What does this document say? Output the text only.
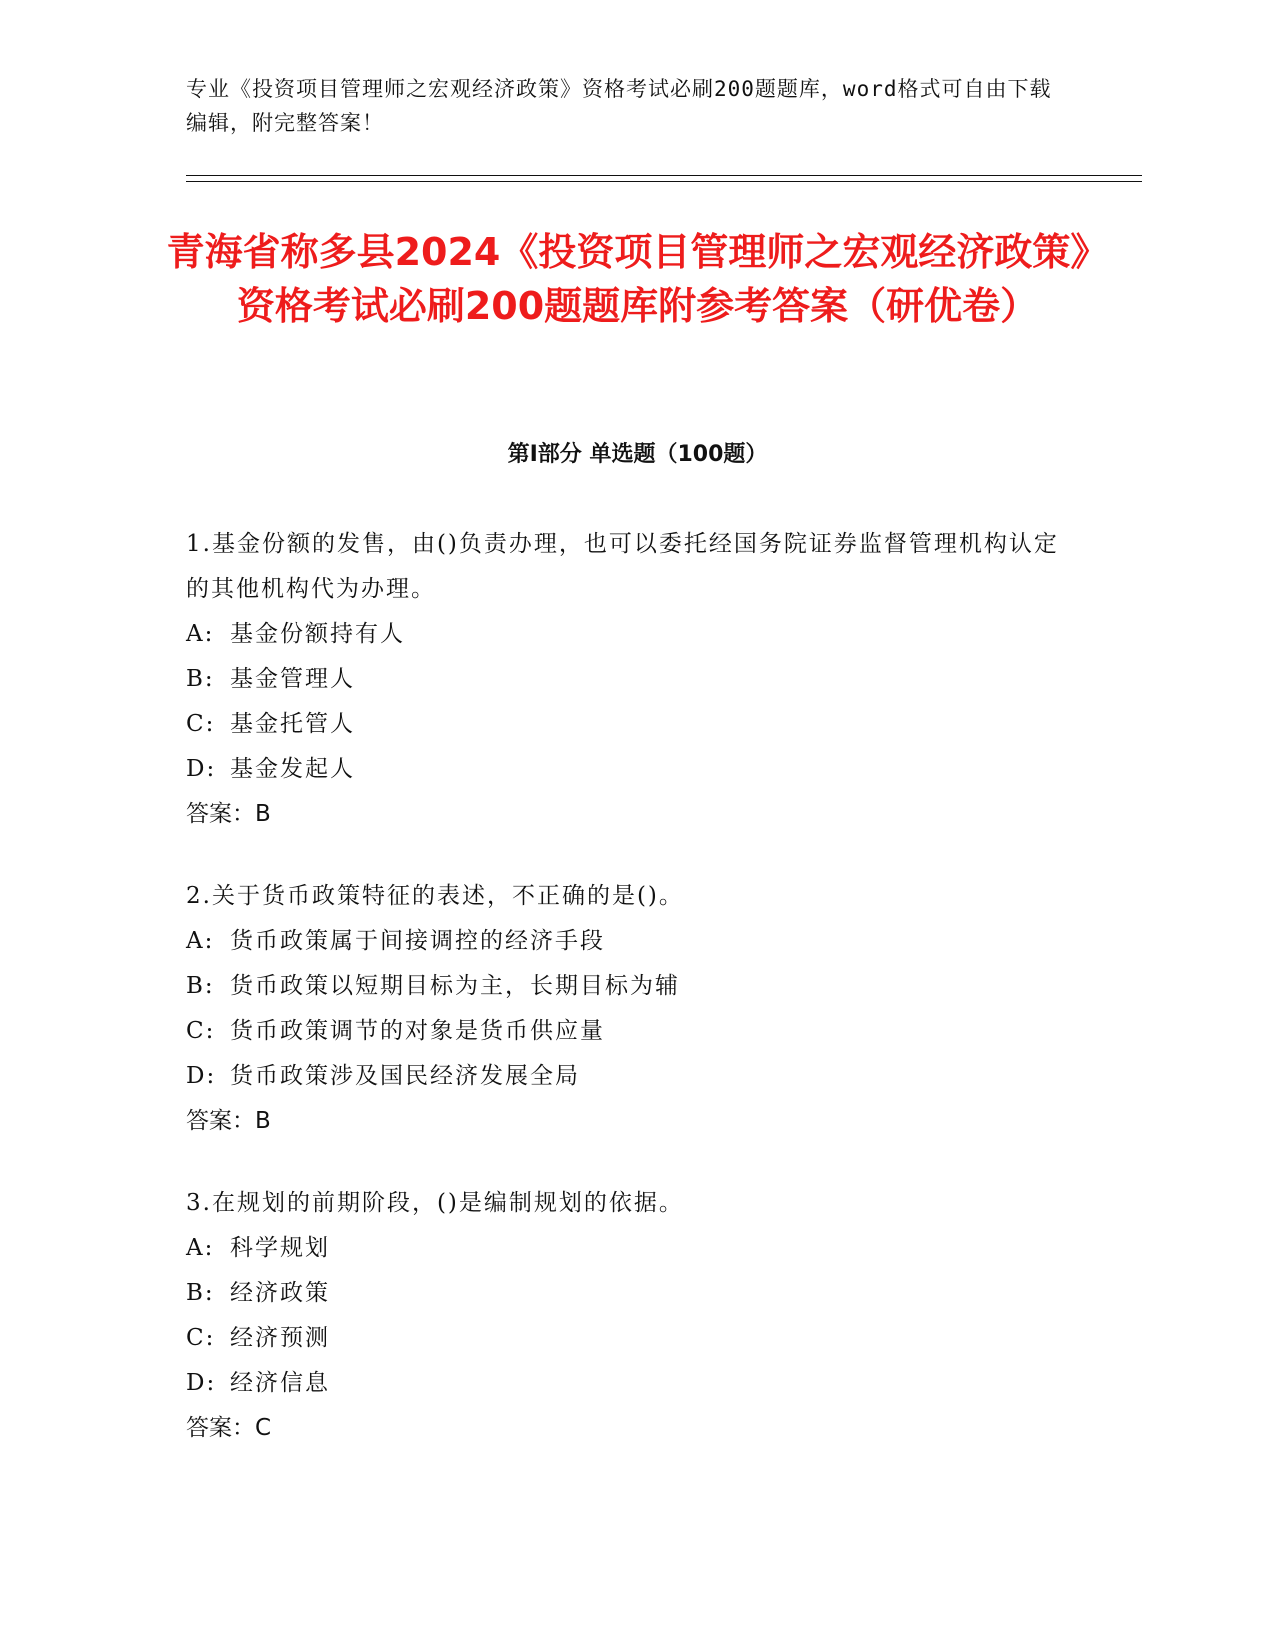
专业《投资项目管理师之宏观经济政策》资格考试必刷200题题库，word格式可自由下载编辑，附完整答案！
青海省称多县2024《投资项目管理师之宏观经济政策》资格考试必刷200题题库附参考答案（研优卷）
第Ⅰ部分 单选题（100题）
1.基金份额的发售，由()负责办理，也可以委托经国务院证券监督管理机构认定的其他机构代为办理。
A: 基金份额持有人
B: 基金管理人
C: 基金托管人
D: 基金发起人
答案：B
2.关于货币政策特征的表述，不正确的是()。
A: 货币政策属于间接调控的经济手段
B: 货币政策以短期目标为主，长期目标为辅
C: 货币政策调节的对象是货币供应量
D: 货币政策涉及国民经济发展全局
答案：B
3.在规划的前期阶段，()是编制规划的依据。
A: 科学规划
B: 经济政策
C: 经济预测
D: 经济信息
答案：C
